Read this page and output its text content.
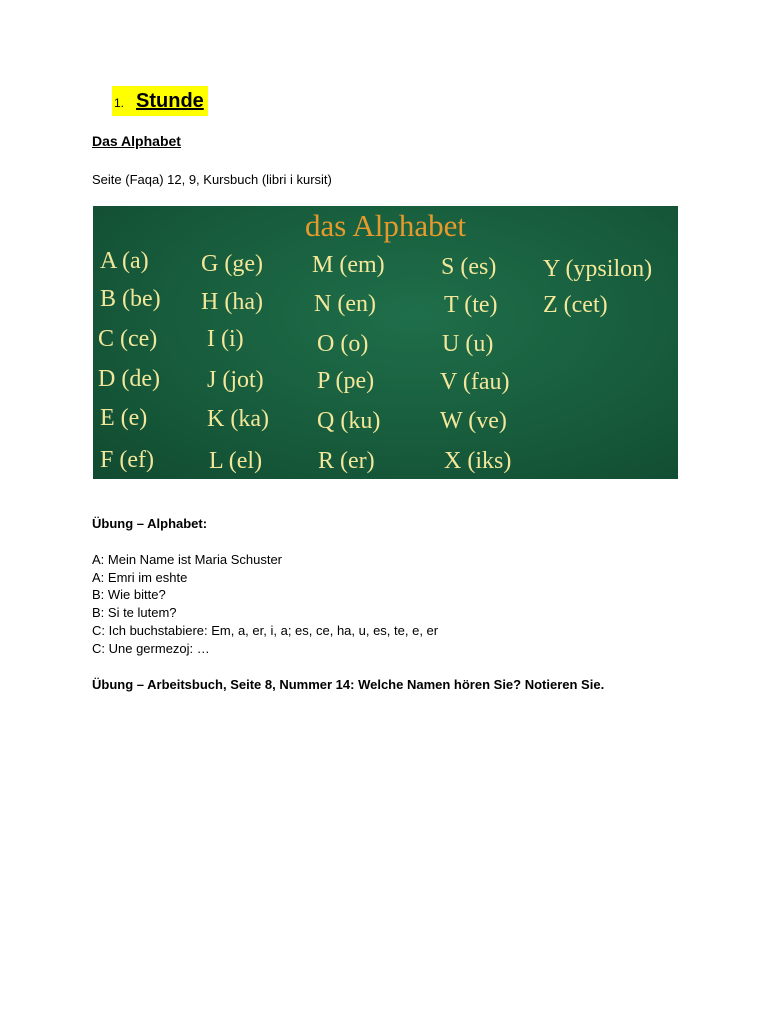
1. Stunde
Das Alphabet
Seite (Faqa) 12, 9, Kursbuch (libri i kursit)
das Alphabet
A (a)
B (be)
C (ce)
D (de)
E (e)
F (ef)
G (ge)
H (ha)
I (i)
J (jot)
K (ka)
L (el)
M (em)
N (en)
O (o)
P (pe)
Q (ku)
R (er)
S (es)
T (te)
U (u)
V (fau)
W (ve)
X (iks)
Y (ypsilon)
Z (cet)
Übung – Alphabet:
A: Mein Name ist Maria Schuster
A: Emri im eshte
B: Wie bitte?
B: Si te lutem?
C: Ich buchstabiere: Em, a, er, i, a; es, ce, ha, u, es, te, e, er
C: Une germezoj: …
Übung – Arbeitsbuch, Seite 8, Nummer 14: Welche Namen hören Sie? Notieren Sie.
